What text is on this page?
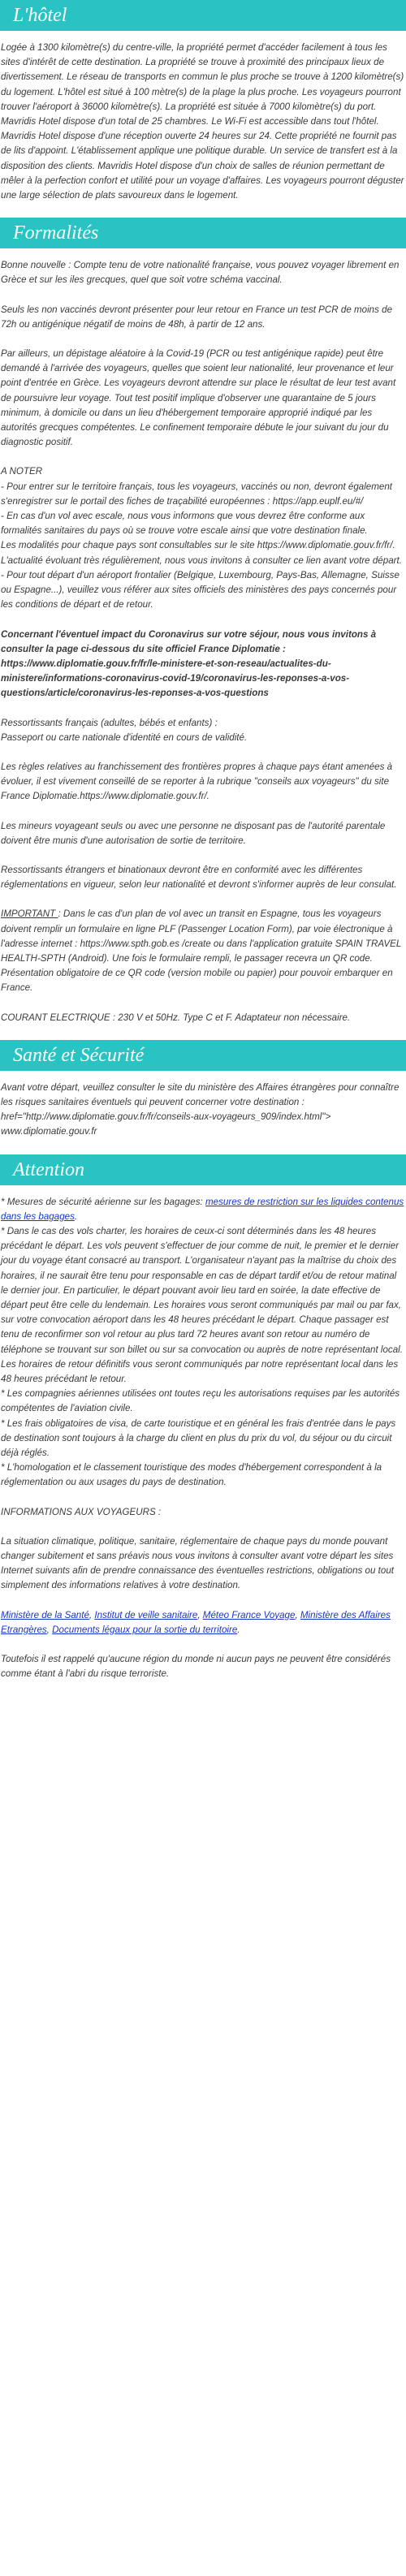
L'hôtel

Logée à 1300 kilomètre(s) du centre-ville, la propriété permet d'accéder facilement à tous les sites d'intérêt de cette destination. La propriété se trouve à proximité des principaux lieux de divertissement. Le réseau de transports en commun le plus proche se trouve à 1200 kilomètre(s) du logement. L'hôtel est situé à 100 mètre(s) de la plage la plus proche. Les voyageurs pourront trouver l'aéroport à 36000 kilomètre(s). La propriété est située à 7000 kilomètre(s) du port. Mavridis Hotel dispose d'un total de 25 chambres. Le Wi-Fi est accessible dans tout l'hôtel. Mavridis Hotel dispose d'une réception ouverte 24 heures sur 24. Cette propriété ne fournit pas de lits d'appoint. L'établissement applique une politique durable. Un service de transfert est à la disposition des clients. Mavridis Hotel dispose d'un choix de salles de réunion permettant de mêler à la perfection confort et utilité pour un voyage d'affaires. Les voyageurs pourront déguster une large sélection de plats savoureux dans le logement.

Formalités

Bonne nouvelle : Compte tenu de votre nationalité française, vous pouvez voyager librement en Grèce et sur les iles grecques, quel que soit votre schéma vaccinal.

Seuls les non vaccinés devront présenter pour leur retour en France un test PCR de moins de 72h ou antigénique négatif de moins de 48h, à partir de 12 ans.

Par ailleurs, un dépistage aléatoire à la Covid-19 (PCR ou test antigénique rapide) peut être demandé à l'arrivée des voyageurs, quelles que soient leur nationalité, leur provenance et leur point d'entrée en Grèce. Les voyageurs devront attendre sur place le résultat de leur test avant de poursuivre leur voyage. Tout test positif implique d'observer une quarantaine de 5 jours minimum, à domicile ou dans un lieu d'hébergement temporaire approprié indiqué par les autorités grecques compétentes. Le confinement temporaire débute le jour suivant du jour du diagnostic positif.

A NOTER
- Pour entrer sur le territoire français, tous les voyageurs, vaccinés ou non, devront également s'enregistrer sur le portail des fiches de traçabilité européennes : https://app.euplf.eu/#/
- En cas d'un vol avec escale, nous vous informons que vous devrez être conforme aux formalités sanitaires du pays où se trouve votre escale ainsi que votre destination finale.
Les modalités pour chaque pays sont consultables sur le site https://www.diplomatie.gouv.fr/fr/. L'actualité évoluant très régulièrement, nous vous invitons à consulter ce lien avant votre départ.
- Pour tout départ d'un aéroport frontalier (Belgique, Luxembourg, Pays-Bas, Allemagne, Suisse ou Espagne...), veuillez vous référer aux sites officiels des ministères des pays concernés pour les conditions de départ et de retour.

Concernant l'éventuel impact du Coronavirus sur votre séjour, nous vous invitons à consulter la page ci-dessous du site officiel France Diplomatie : https://www.diplomatie.gouv.fr/fr/le-ministere-et-son-reseau/actualites-du-ministere/informations-coronavirus-covid-19/coronavirus-les-reponses-a-vos-questions/article/coronavirus-les-reponses-a-vos-questions

Ressortissants français (adultes, bébés et enfants) :
Passeport ou carte nationale d'identité en cours de validité.

Les règles relatives au franchissement des frontières propres à chaque pays étant amenées à évoluer, il est vivement conseillé de se reporter à la rubrique "conseils aux voyageurs" du site France Diplomatie.https://www.diplomatie.gouv.fr/.

Les mineurs voyageant seuls ou avec une personne ne disposant pas de l'autorité parentale doivent être munis d'une autorisation de sortie de territoire.

Ressortissants étrangers et binationaux devront être en conformité avec les différentes réglementations en vigueur, selon leur nationalité et devront s'informer auprès de leur consulat.

IMPORTANT : Dans le cas d'un plan de vol avec un transit en Espagne, tous les voyageurs doivent remplir un formulaire en ligne PLF (Passenger Location Form), par voie électronique à l'adresse internet : https://www.spth.gob.es /create ou dans l'application gratuite SPAIN TRAVEL HEALTH-SPTH (Android). Une fois le formulaire rempli, le passager recevra un QR code. Présentation obligatoire de ce QR code (version mobile ou papier) pour pouvoir embarquer en France.

COURANT ELECTRIQUE : 230 V et 50Hz. Type C et F. Adaptateur non nécessaire.

Santé et Sécurité

Avant votre départ, veuillez consulter le site du ministère des Affaires étrangères pour connaître les risques sanitaires éventuels qui peuvent concerner votre destination : href="http://www.diplomatie.gouv.fr/fr/conseils-aux-voyageurs_909/index.html"> www.diplomatie.gouv.fr

Attention

* Mesures de sécurité aérienne sur les bagages: mesures de restriction sur les liquides contenus dans les bagages.
* Dans le cas des vols charter, les horaires de ceux-ci sont déterminés dans les 48 heures précédant le départ. Les vols peuvent s'effectuer de jour comme de nuit, le premier et le dernier jour du voyage étant consacré au transport. L'organisateur n'ayant pas la maîtrise du choix des horaires, il ne saurait être tenu pour responsable en cas de départ tardif et/ou de retour matinal le dernier jour. En particulier, le départ pouvant avoir lieu tard en soirée, la date effective de départ peut être celle du lendemain. Les horaires vous seront communiqués par mail ou par fax, sur votre convocation aéroport dans les 48 heures précédant le départ. Chaque passager est tenu de reconfirmer son vol retour au plus tard 72 heures avant son retour au numéro de téléphone se trouvant sur son billet ou sur sa convocation ou auprès de notre représentant local. Les horaires de retour définitifs vous seront communiqués par notre représentant local dans les 48 heures précédant le retour.
* Les compagnies aériennes utilisées ont toutes reçu les autorisations requises par les autorités compétentes de l'aviation civile.
* Les frais obligatoires de visa, de carte touristique et en général les frais d'entrée dans le pays de destination sont toujours à la charge du client en plus du prix du vol, du séjour ou du circuit déjà réglés.
* L'homologation et le classement touristique des modes d'hébergement correspondent à la réglementation ou aux usages du pays de destination.

INFORMATIONS AUX VOYAGEURS :

La situation climatique, politique, sanitaire, réglementaire de chaque pays du monde pouvant changer subitement et sans préavis nous vous invitons à consulter avant votre départ les sites Internet suivants afin de prendre connaissance des éventuelles restrictions, obligations ou tout simplement des informations relatives à votre destination.

Ministère de la Santé, Institut de veille sanitaire, Méteo France Voyage, Ministère des Affaires Etrangères, Documents légaux pour la sortie du territoire.

Toutefois il est rappelé qu'aucune région du monde ni aucun pays ne peuvent être considérés comme étant à l'abri du risque terroriste.
